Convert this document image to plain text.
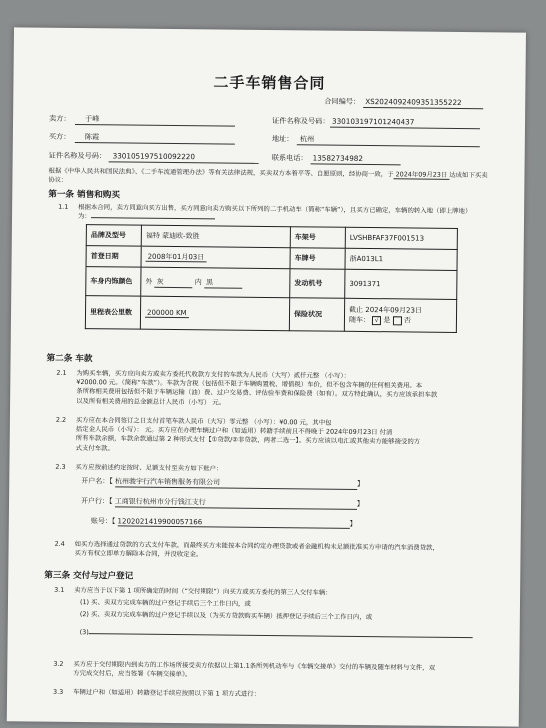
二手车销售合同
合同编号： XS2024092409351355222
卖方： 于峰	证件名称及号码： 330103197101240437
买方： 陈霞	地址： 杭州
证件名称及号码： 330105197510092220	联系电话： 13582734982
根据《中华人民共和国民法典》、《二手车流通管理办法》等有关法律法规，买卖双方本着平等、自愿原则，经协商一致，于 2024年09月23日 达成如下买卖协议：
第一条 销售和购买
1.1 根据本合同，卖方同意向买方出售，买方同意向卖方购买以下所列的二手机动车（简称“车辆”），且买方已确定，车辆的转入地（即上牌地）为：
品牌及型号	福特 蒙迪欧-致胜	车架号	LVSHBFAF37F001513
首登日期	2008年01月03日	车牌号	浙A013L1
车身内饰颜色	外 灰 内 黑	发动机号	3091371
里程表公里数	200000 KM	保险状况	截止 2024年09月23日
随车： √ 是 否
第二条 车款
2.1 为购买车辆，买方应向卖方或卖方委托代收款方支付的车款为人民币（大写）贰仟元整 （小写）：
¥2000.00 元。（简称“车款”）。车款为含税（包括但不限于车辆购置税、增值税）车价，但不包含车辆的任何相关费用。本
条所称相关费用包括但不限于车辆运输（油）费、过户交易费、评估验车费和保险费（如有）。双方特此确认，买方应该承担车款
以及所有相关费用的总金额总计人民币（小写） 元。
2.2 买方应在本合同签订之日支付首笔车款人民币（大写）零元整 （小写）：¥0.00 元，其中包
括定金人民币（小写）： 元。买方应在办理车辆过户和（如适用）转籍手续前且不得晚于 2024年09月23日 付清
所有车款余额，车款余款通过第 2 种形式支付【①贷款/②非贷款，两者二选一】。买方应该以电汇或其他卖方能够接受的方
式支付车款。
2.3 买方应按前述约定按时、足额支付至卖方如下账户：
开户名：【 杭州骏宇行汽车销售服务有限公司	】
开户行：【 工商银行杭州市分行钱江支行	】
账号：【 1202021419900057166	】
2.4 如买方选择通过贷款的方式支付车款，而最终买方未能按本合同约定办理贷款或者金融机构未足额批准买方申请的汽车消费贷款，
买方有权立即单方解除本合同，并没收定金。
第三条 交付与过户登记
3.1 卖方应当于以下第 1 项所确定的时间（“交付期限”）向买方或买方委托的第三人交付车辆：
(1) 买、卖双方完成车辆的过户登记手续后三个工作日内，或
(2) 买、卖双方完成车辆的过户登记手续以及（为买方贷款购买车辆）抵押登记手续后三个工作日内，或
(3)
3.2 买方应于交付期限内到卖方的工作场所接受卖方依据以上第1.1条所列机动车与《车辆交接单》交付的车辆及随车材料与文件，双
方完成交付后，应当签署《车辆交接单》。
3.3 车辆过户和（如适用）转籍登记手续应按照以下第 1 项方式进行：
